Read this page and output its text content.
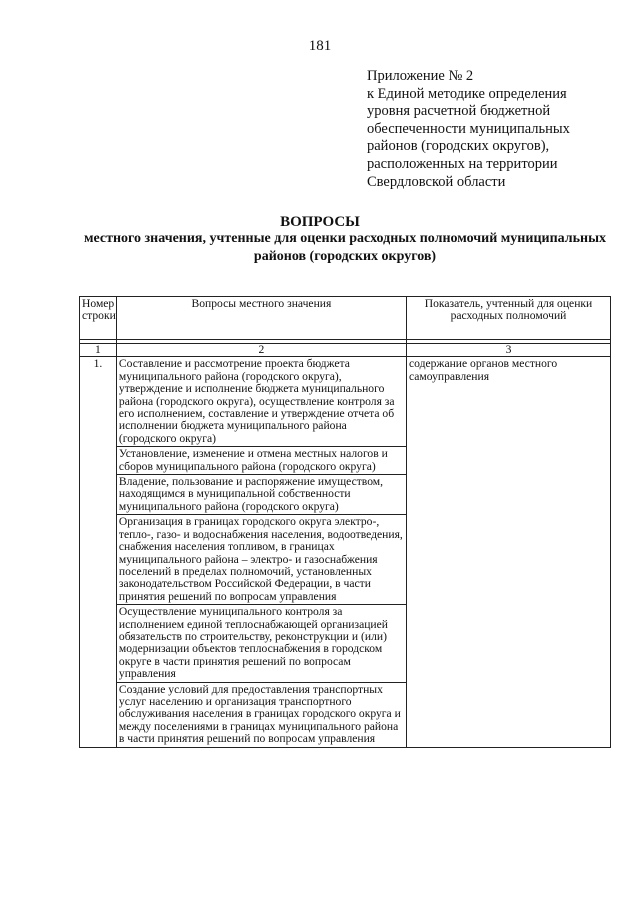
181
Приложение № 2
к Единой методике определения
уровня расчетной бюджетной
обеспеченности муниципальных
районов (городских округов),
расположенных на территории
Свердловской области
ВОПРОСЫ
местного значения, учтенные для оценки расходных полномочий муниципальных районов (городских округов)
Номер строки	Вопросы местного значения	Показатель, учтенный для оценки расходных полномочий

1	2	3
1.	Составление и рассмотрение проекта бюджета муниципального района (городского округа), утверждение и исполнение бюджета муниципального района (городского округа), осуществление контроля за его исполнением, составление и утверждение отчета об исполнении бюджета муниципального района (городского округа)	содержание органов местного самоуправления
	Установление, изменение и отмена местных налогов и сборов муниципального района (городского округа)	
	Владение, пользование и распоряжение имуществом, находящимся в муниципальной собственности муниципального района (городского округа)	
	Организация в границах городского округа электро-, тепло-, газо- и водоснабжения населения, водоотведения, снабжения населения топливом, в границах муниципального района – электро- и газоснабжения поселений в пределах полномочий, установленных законодательством Российской Федерации, в части принятия решений по вопросам управления	
	Осуществление муниципального контроля за исполнением единой теплоснабжающей организацией обязательств по строительству, реконструкции и (или) модернизации объектов теплоснабжения в городском округе в части принятия решений по вопросам управления	
	Создание условий для предоставления транспортных услуг населению и организация транспортного обслуживания населения в границах городского округа и между поселениями в границах муниципального района в части принятия решений по вопросам управления	
